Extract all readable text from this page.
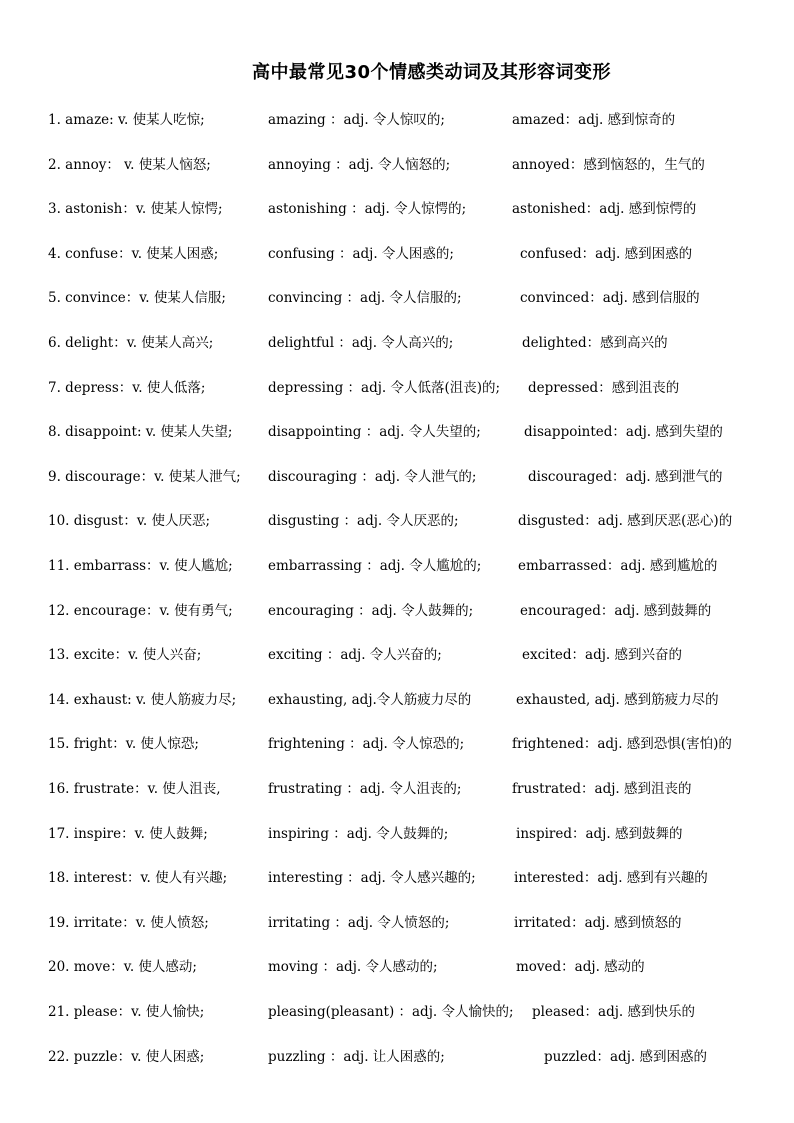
高中最常见30个情感类动词及其形容词变形
1. amaze: v. 使某人吃惊;	amazing ：adj. 令人惊叹的;	amazed：adj. 感到惊奇的
2. annoy： v. 使某人恼怒;	annoying ：adj. 令人恼怒的;	annoyed：感到恼怒的，生气的
3. astonish：v. 使某人惊愕;	astonishing ：adj. 令人惊愕的;	astonished：adj. 感到惊愕的
4. confuse：v. 使某人困惑;	confusing ：adj. 令人困惑的;	confused：adj. 感到困惑的
5. convince：v. 使某人信服;	convincing ：adj. 令人信服的;	convinced：adj. 感到信服的
6. delight：v. 使某人高兴;	delightful ：adj. 令人高兴的;	delighted：感到高兴的
7. depress：v. 使人低落;	depressing ：adj. 令人低落(沮丧)的; depressed：感到沮丧的
8. disappoint: v. 使某人失望;	disappointing ：adj. 令人失望的;	disappointed：adj. 感到失望的
9. discourage：v. 使某人泄气; discouraging ：adj. 令人泄气的;	discouraged：adj. 感到泄气的
10. disgust：v. 使人厌恶;	disgusting ：adj. 令人厌恶的;	disgusted：adj. 感到厌恶(恶心)的
11. embarrass：v. 使人尴尬;	embarrassing ：adj. 令人尴尬的;	embarrassed：adj. 感到尴尬的
12. encourage：v. 使有勇气;	encouraging ：adj. 令人鼓舞的;	encouraged：adj. 感到鼓舞的
13. excite：v. 使人兴奋;	exciting ：adj. 令人兴奋的;	excited：adj. 感到兴奋的
14. exhaust: v. 使人筋疲力尽; exhausting, adj.令人筋疲力尽的	exhausted, adj. 感到筋疲力尽的
15. fright：v. 使人惊恐;	frightening ：adj. 令人惊恐的;	frightened：adj. 感到恐惧(害怕)的
16. frustrate：v. 使人沮丧,	frustrating ：adj. 令人沮丧的;	frustrated：adj. 感到沮丧的
17. inspire：v. 使人鼓舞;	inspiring ：adj. 令人鼓舞的;	inspired：adj. 感到鼓舞的
18. interest：v. 使人有兴趣;	interesting ：adj. 令人感兴趣的;	interested：adj. 感到有兴趣的
19. irritate：v. 使人愤怒;	irritating ：adj. 令人愤怒的;	irritated：adj. 感到愤怒的
20. move：v. 使人感动;	moving ：adj. 令人感动的;	moved：adj. 感动的
21. please：v. 使人愉快;	pleasing(pleasant) ：adj. 令人愉快的; pleased：adj. 感到快乐的
22. puzzle：v. 使人困惑;	puzzling ：adj. 让人困惑的;	puzzled：adj. 感到困惑的
